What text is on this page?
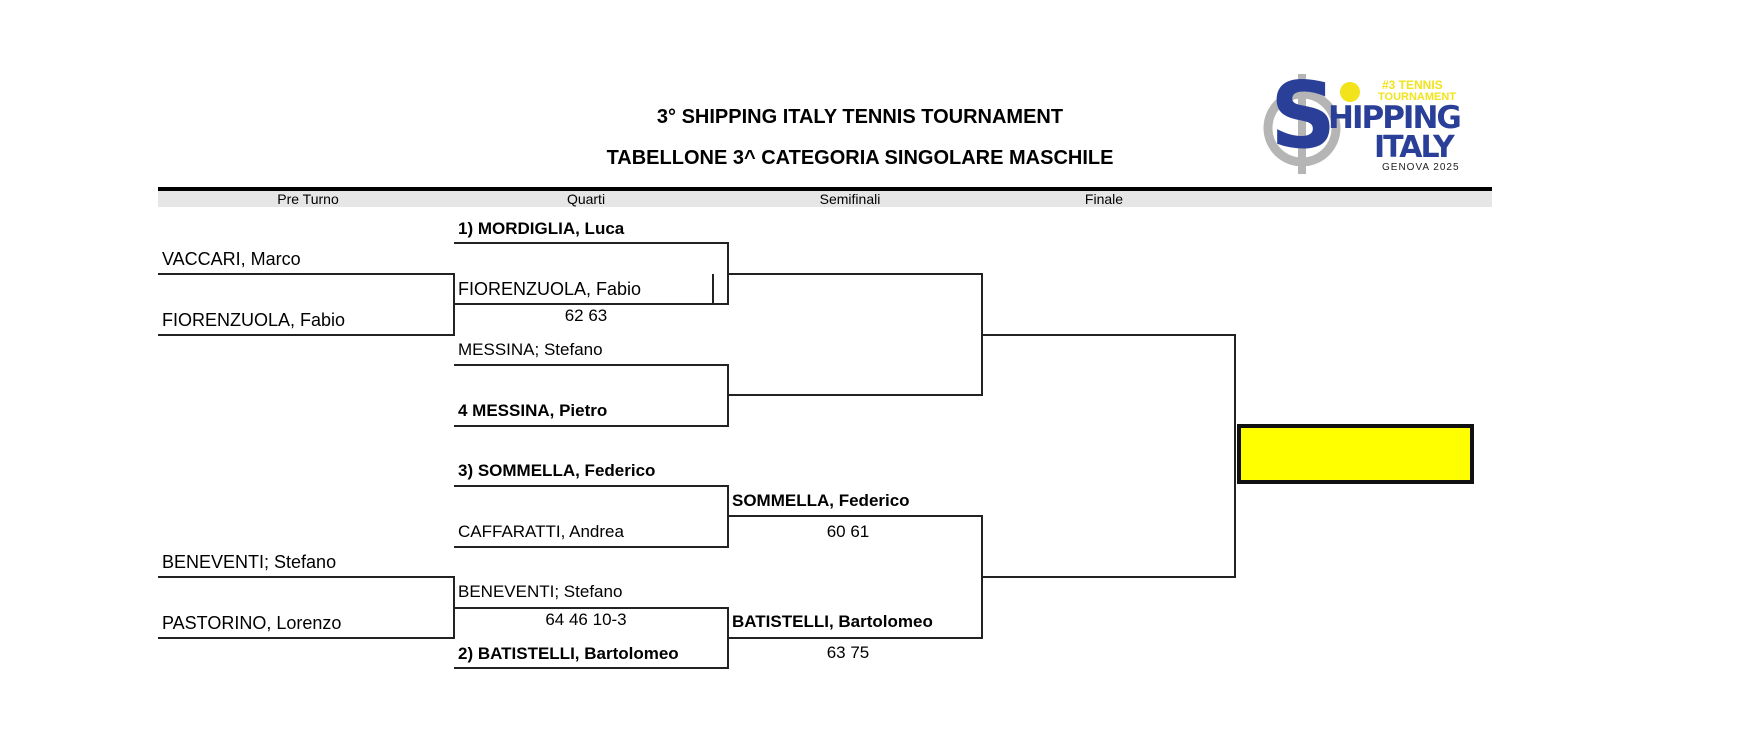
3° SHIPPING ITALY TENNIS TOURNAMENT
TABELLONE 3^ CATEGORIA SINGOLARE MASCHILE	S	#3 TENNIS
TOURNAMENT
HIPPING
ITALY
GENOVA 2025
Pre Turno	Quarti	Semifinali	Finale
VACCARI, Marco
FIORENZUOLA, Fabio
BENEVENTI; Stefano
PASTORINO, Lorenzo
1) MORDIGLIA, Luca
FIORENZUOLA, Fabio
62 63
MESSINA; Stefano
4 MESSINA, Pietro
3) SOMMELLA, Federico
CAFFARATTI, Andrea
BENEVENTI; Stefano
64 46 10-3
2) BATISTELLI, Bartolomeo
SOMMELLA, Federico
60 61
BATISTELLI, Bartolomeo
63 75
